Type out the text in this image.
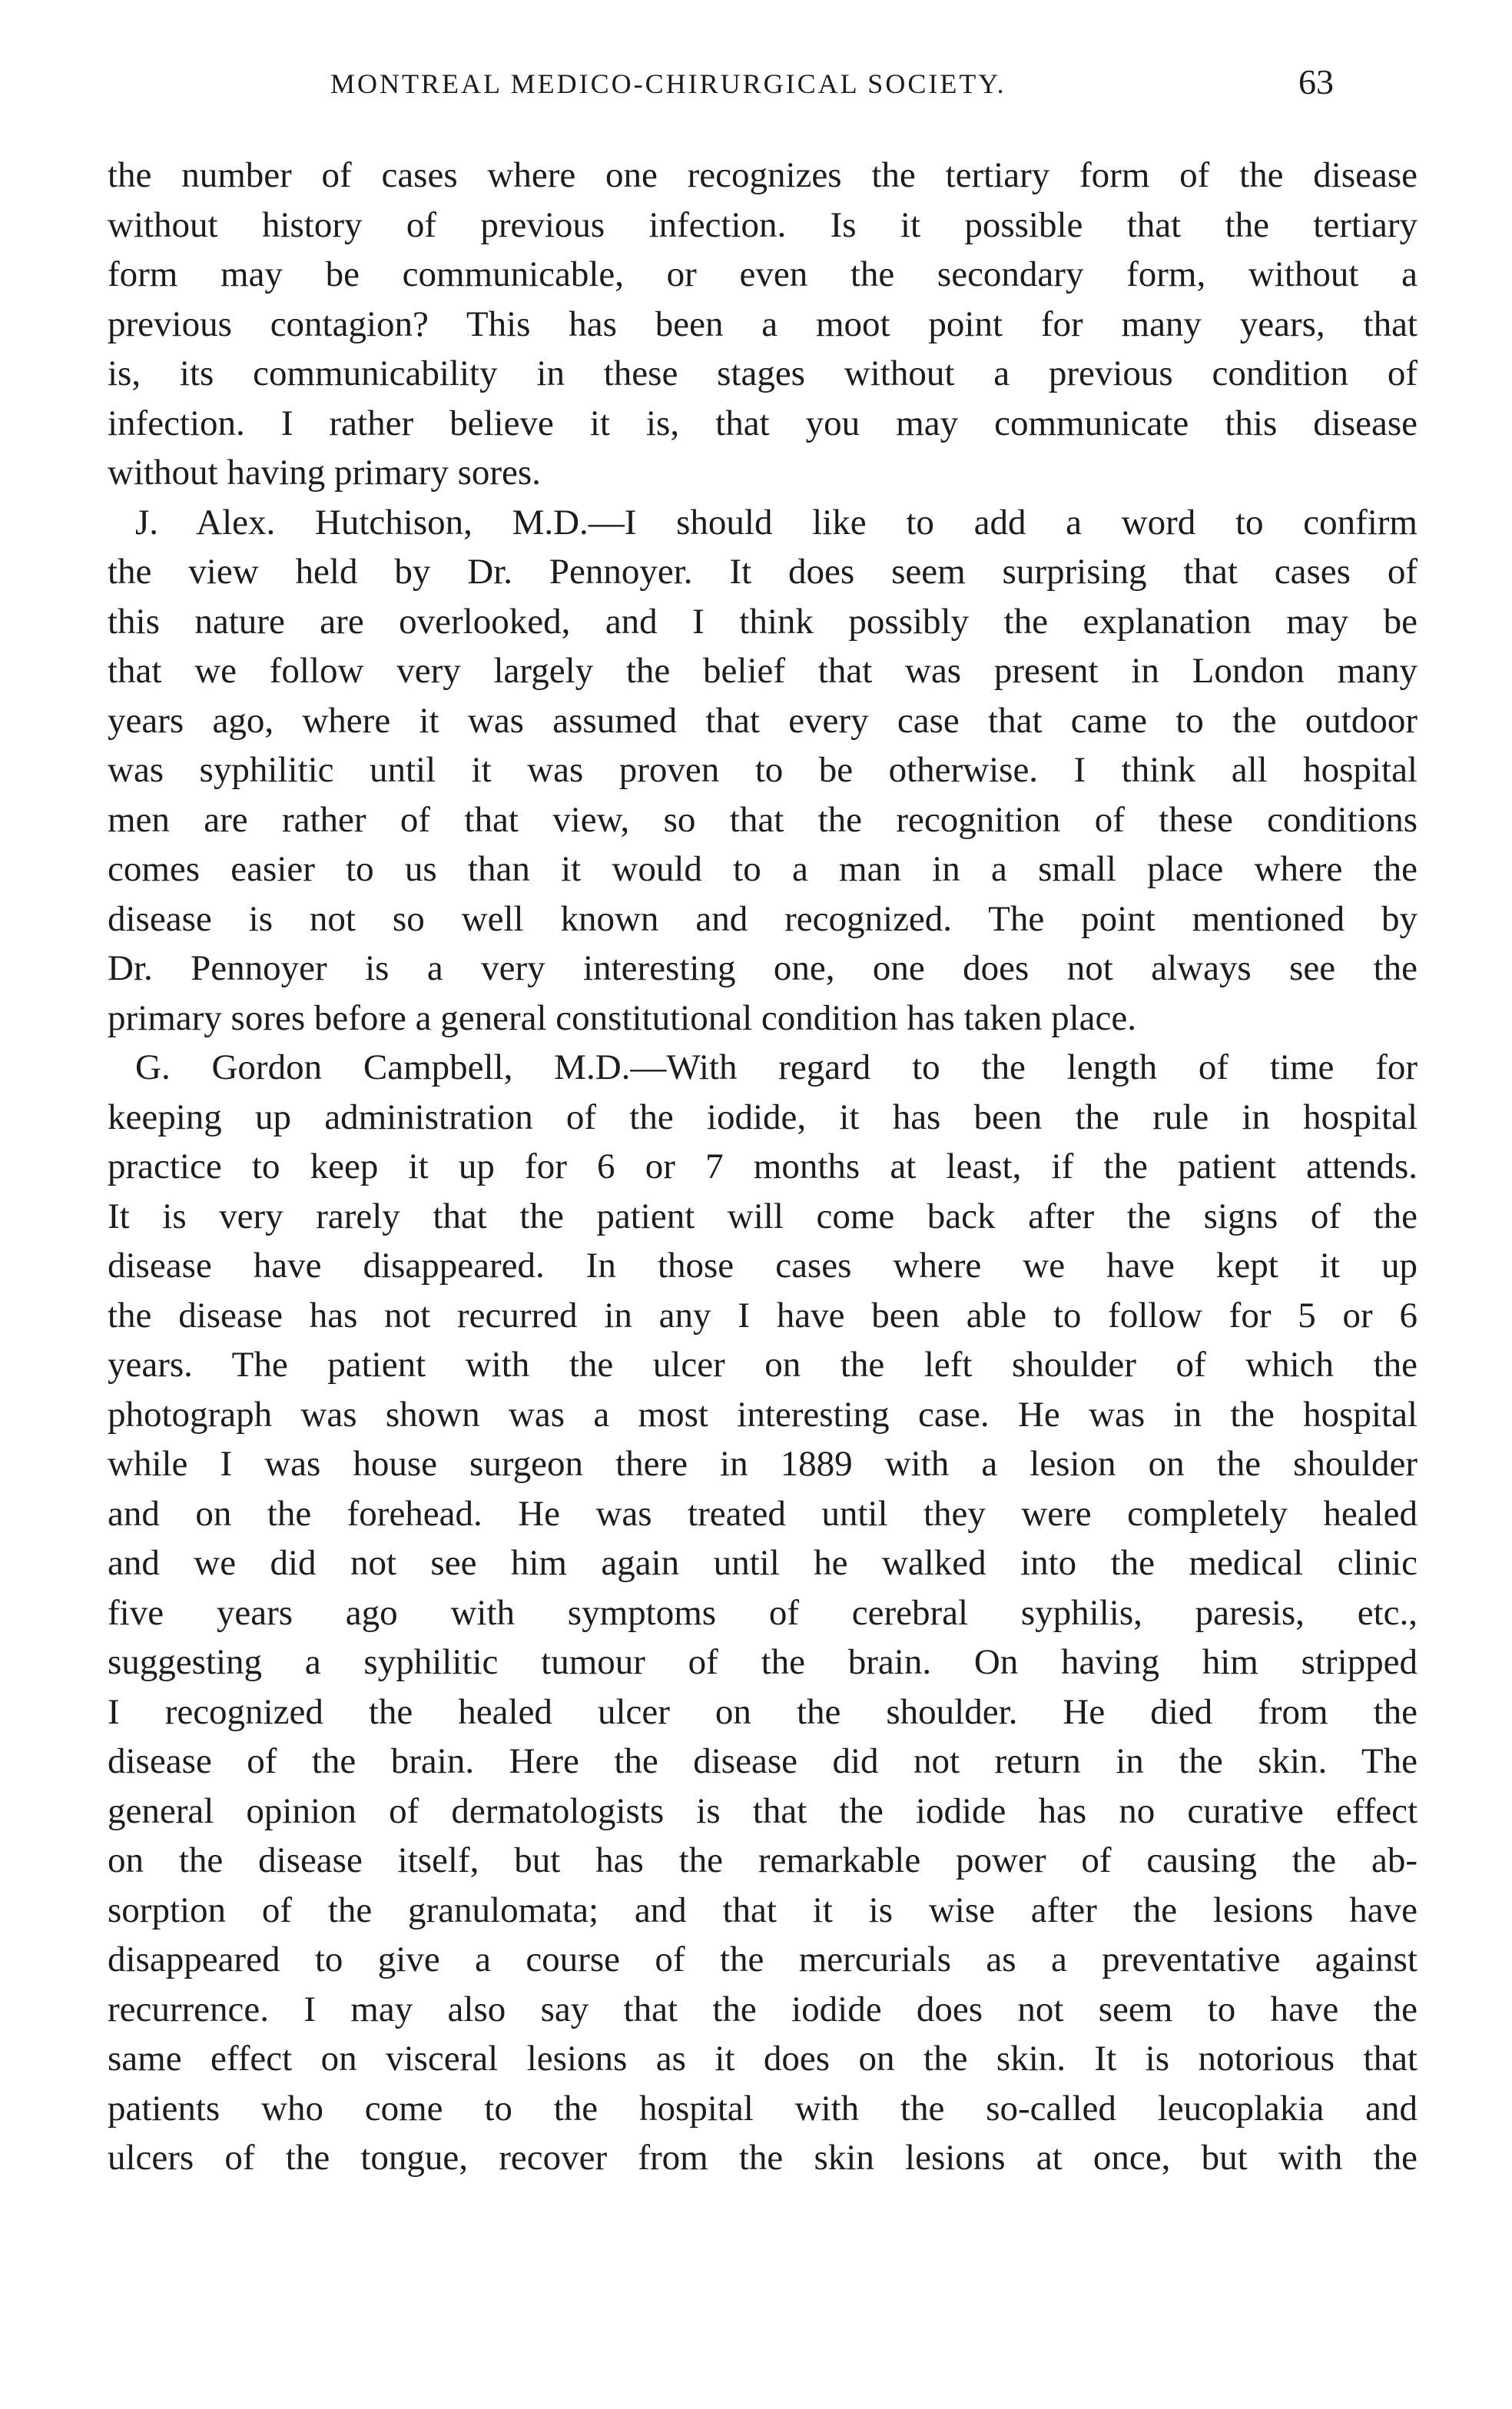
MONTREAL MEDICO-CHIRURGICAL SOCIETY.	63
the number of cases where one recognizes the tertiary form of the disease
without history of previous infection. Is it possible that the tertiary
form may be communicable, or even the secondary form, without a
previous contagion? This has been a moot point for many years, that
is, its communicability in these stages without a previous condition of
infection. I rather believe it is, that you may communicate this disease
without having primary sores.
J. Alex. Hutchison, M.D.—I should like to add a word to confirm
the view held by Dr. Pennoyer. It does seem surprising that cases of
this nature are overlooked, and I think possibly the explanation may be
that we follow very largely the belief that was present in London many
years ago, where it was assumed that every case that came to the outdoor
was syphilitic until it was proven to be otherwise. I think all hospital
men are rather of that view, so that the recognition of these conditions
comes easier to us than it would to a man in a small place where the
disease is not so well known and recognized. The point mentioned by
Dr. Pennoyer is a very interesting one, one does not always see the
primary sores before a general constitutional condition has taken place.
G. Gordon Campbell, M.D.—With regard to the length of time for
keeping up administration of the iodide, it has been the rule in hospital
practice to keep it up for 6 or 7 months at least, if the patient attends.
It is very rarely that the patient will come back after the signs of the
disease have disappeared. In those cases where we have kept it up
the disease has not recurred in any I have been able to follow for 5 or 6
years. The patient with the ulcer on the left shoulder of which the
photograph was shown was a most interesting case. He was in the hospital
while I was house surgeon there in 1889 with a lesion on the shoulder
and on the forehead. He was treated until they were completely healed
and we did not see him again until he walked into the medical clinic
five years ago with symptoms of cerebral syphilis, paresis, etc.,
suggesting a syphilitic tumour of the brain. On having him stripped
I recognized the healed ulcer on the shoulder. He died from the
disease of the brain. Here the disease did not return in the skin. The
general opinion of dermatologists is that the iodide has no curative effect
on the disease itself, but has the remarkable power of causing the ab-
sorption of the granulomata; and that it is wise after the lesions have
disappeared to give a course of the mercurials as a preventative against
recurrence. I may also say that the iodide does not seem to have the
same effect on visceral lesions as it does on the skin. It is notorious that
patients who come to the hospital with the so-called leucoplakia and
ulcers of the tongue, recover from the skin lesions at once, but with the
